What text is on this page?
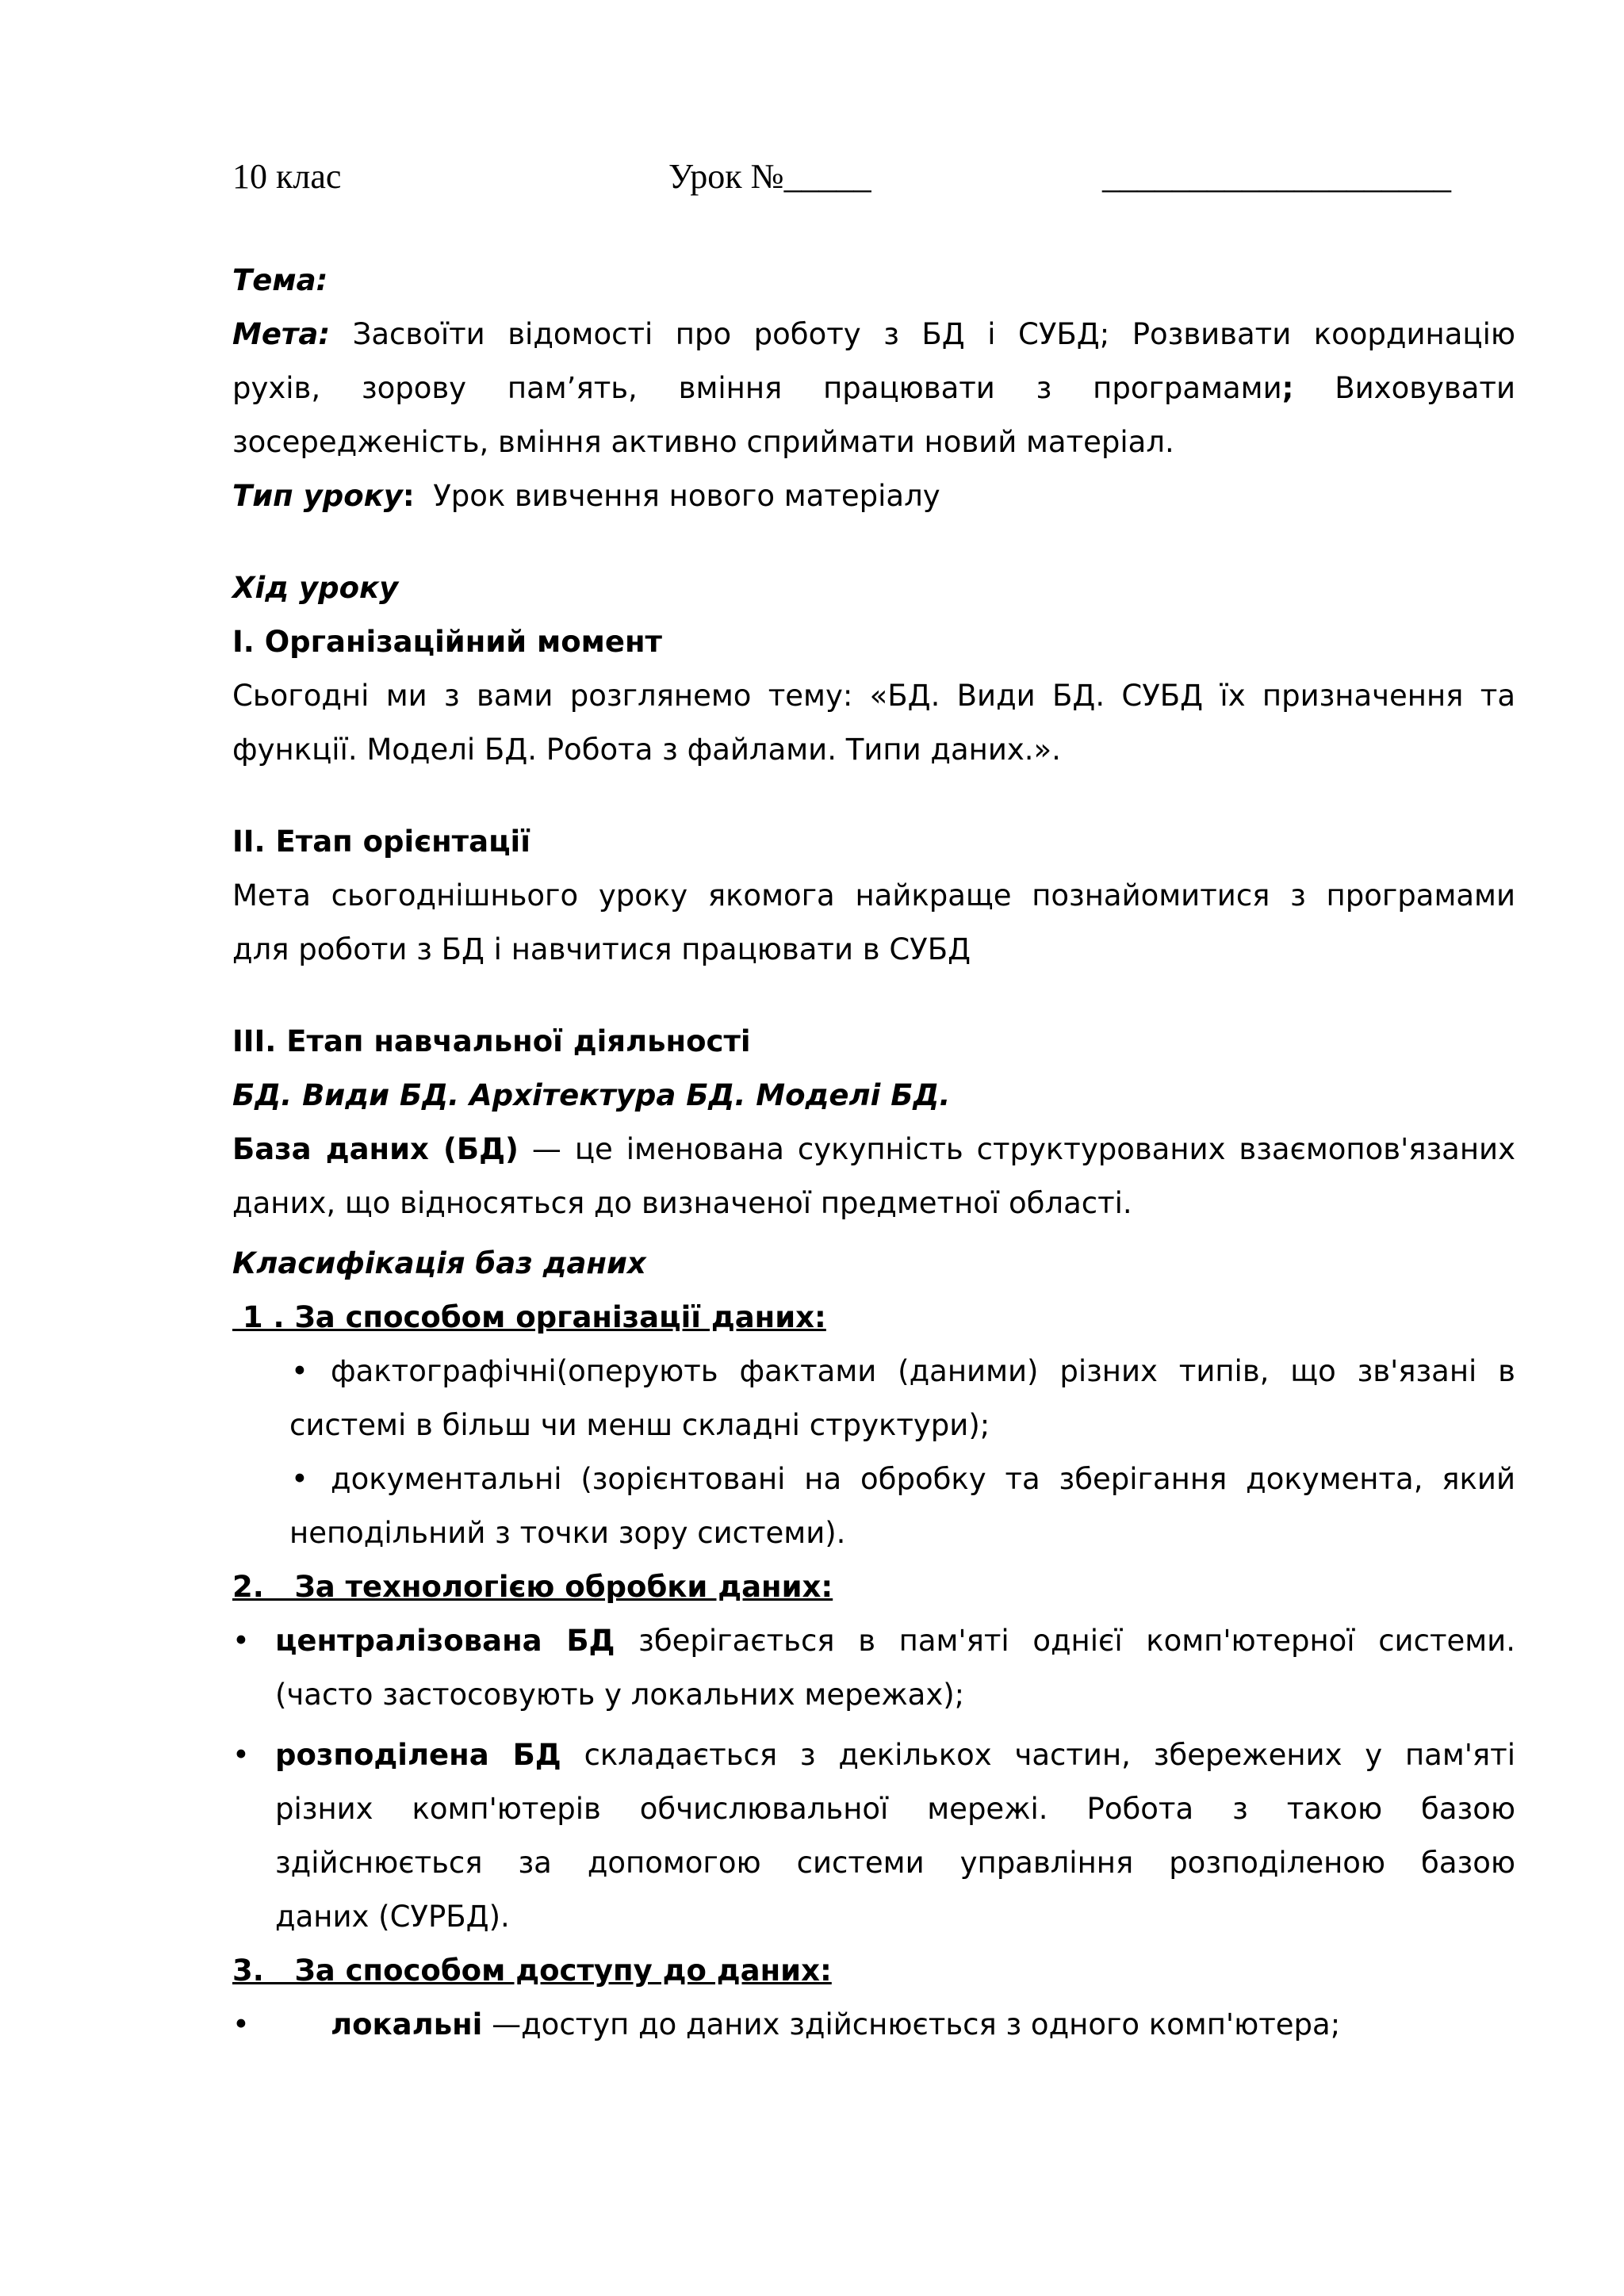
10 клас	Урок №_____	____________________
Тема:
Мета: Засвоїти відомості про роботу з БД і СУБД; Розвивати координацію
рухів, зорову пам’ять, вміння працювати з програмами; Виховувати
зосередженість, вміння активно сприймати новий матеріал.
Тип уроку:  Урок вивчення нового матеріалу
Хід уроку
І. Організаційний момент
Сьогодні ми з вами розглянемо тему: «БД. Види БД. СУБД їх призначення та
функції. Моделі БД. Робота з файлами. Типи даних.».
ІІ. Етап орієнтації
Мета сьогоднішнього уроку якомога найкраще познайомитися з програмами
для роботи з БД і навчитися працювати в СУБД
ІІІ. Етап навчальної діяльності
БД. Види БД. Архітектура БД. Моделі БД.
База даних (БД) — це іменована сукупність структурованих взаємопов'язаних
даних, що відносяться до визначеної предметної області.
Класифікація баз даних
1 . За способом організації даних:
• фактографічні(оперують фактами (даними) різних типів, що зв'язані в
системі в більш чи менш складні структури);
• документальні (зорієнтовані на обробку та зберігання документа, який
неподільний з точки зору системи).
2.   За технологією обробки даних:
• централізована БД зберігається в пам'яті однієї комп'ютерної системи.
(часто застосовують у локальних мережах);
• розподілена БД складається з декількох частин, збережених у пам'яті
різних комп'ютерів обчислювальної мережі. Робота з такою базою
здійснюється за допомогою системи управління розподіленою базою
даних (СУРБД).
3.   За способом доступу до даних:
•	локальні —доступ до даних здійснюється з одного комп'ютера;
